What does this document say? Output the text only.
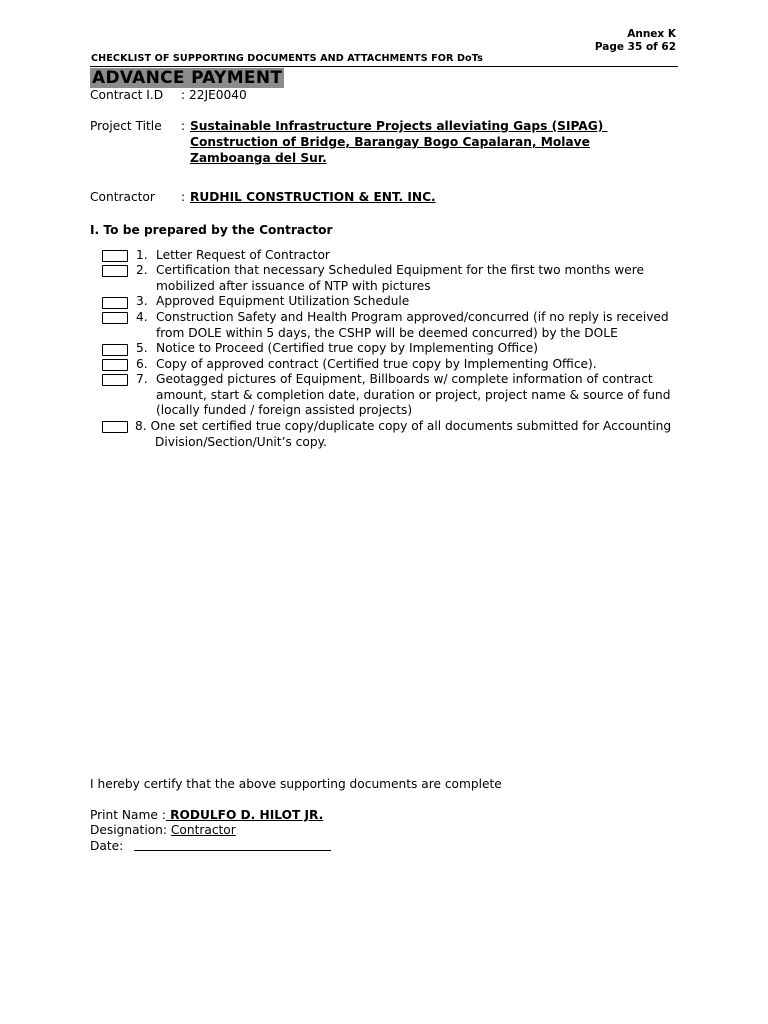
Annex K
Page 35 of 62
CHECKLIST OF SUPPORTING DOCUMENTS AND ATTACHMENTS FOR DoTs
ADVANCE PAYMENT
Contract I.D : 22JE0040
Project Title : Sustainable Infrastructure Projects alleviating Gaps (SIPAG)
Construction of Bridge, Barangay Bogo Capalaran, Molave
Zamboanga del Sur.
Contractor : RUDHIL CONSTRUCTION & ENT. INC.
I. To be prepared by the Contractor
1. Letter Request of Contractor
2. Certification that necessary Scheduled Equipment for the first two months were
mobilized after issuance of NTP with pictures
3. Approved Equipment Utilization Schedule
4. Construction Safety and Health Program approved/concurred (if no reply is received
from DOLE within 5 days, the CSHP will be deemed concurred) by the DOLE
5. Notice to Proceed (Certified true copy by Implementing Office)
6. Copy of approved contract (Certified true copy by Implementing Office).
7. Geotagged pictures of Equipment, Billboards w/ complete information of contract
amount, start & completion date, duration or project, project name & source of fund
(locally funded / foreign assisted projects)
8. One set certified true copy/duplicate copy of all documents submitted for Accounting
Division/Section/Unit’s copy.
I hereby certify that the above supporting documents are complete
Print Name : RODULFO D. HILOT JR.
Designation: Contractor
Date:
